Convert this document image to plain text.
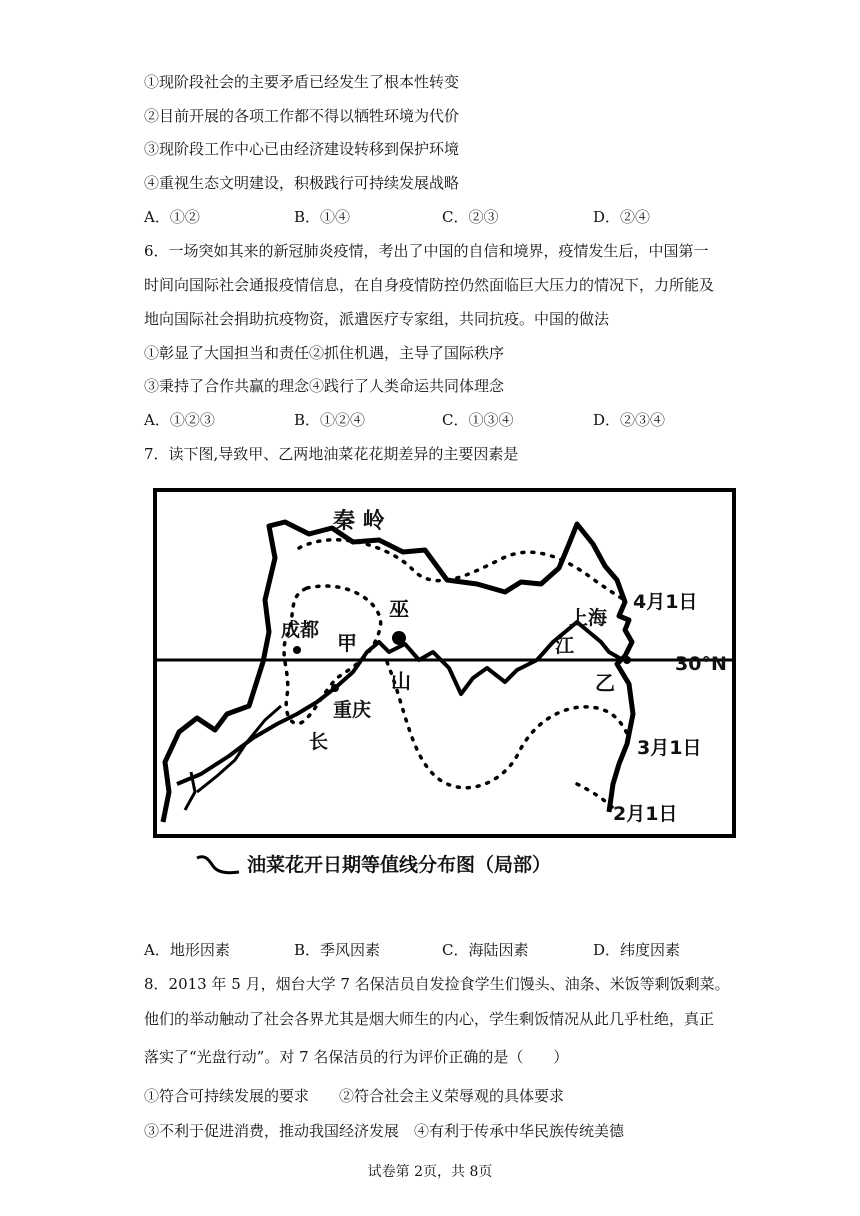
①现阶段社会的主要矛盾已经发生了根本性转变
②目前开展的各项工作都不得以牺牲环境为代价
③现阶段工作中心已由经济建设转移到保护环境
④重视生态文明建设，积极践行可持续发展战略
A．①②	B．①④	C．②③	D．②④
6．一场突如其来的新冠肺炎疫情，考出了中国的自信和境界，疫情发生后，中国第一
时间向国际社会通报疫情信息，在自身疫情防控仍然面临巨大压力的情况下，力所能及
地向国际社会捐助抗疫物资，派遣医疗专家组，共同抗疫。中国的做法
①彰显了大国担当和责任②抓住机遇，主导了国际秩序
③秉持了合作共赢的理念④践行了人类命运共同体理念
A．①②③	B．①②④	C．①③④	D．②③④
7．读下图,导致甲、乙两地油菜花花期差异的主要因素是
秦 岭
成都
甲
巫
山
重庆
长
上海
江
乙
30°N
4月1日
3月1日
2月1日
油菜花开日期等值线分布图（局部）
A．地形因素	B．季风因素	C．海陆因素	D．纬度因素
8．2013 年 5 月，烟台大学 7 名保洁员自发捡食学生们馒头、油条、米饭等剩饭剩菜。
他们的举动触动了社会各界尤其是烟大师生的内心，学生剩饭情况从此几乎杜绝，真正
落实了“光盘行动”。对 7 名保洁员的行为评价正确的是（　　）
①符合可持续发展的要求　　②符合社会主义荣辱观的具体要求
③不利于促进消费，推动我国经济发展　④有利于传承中华民族传统美德
试卷第 2页，共 8页
